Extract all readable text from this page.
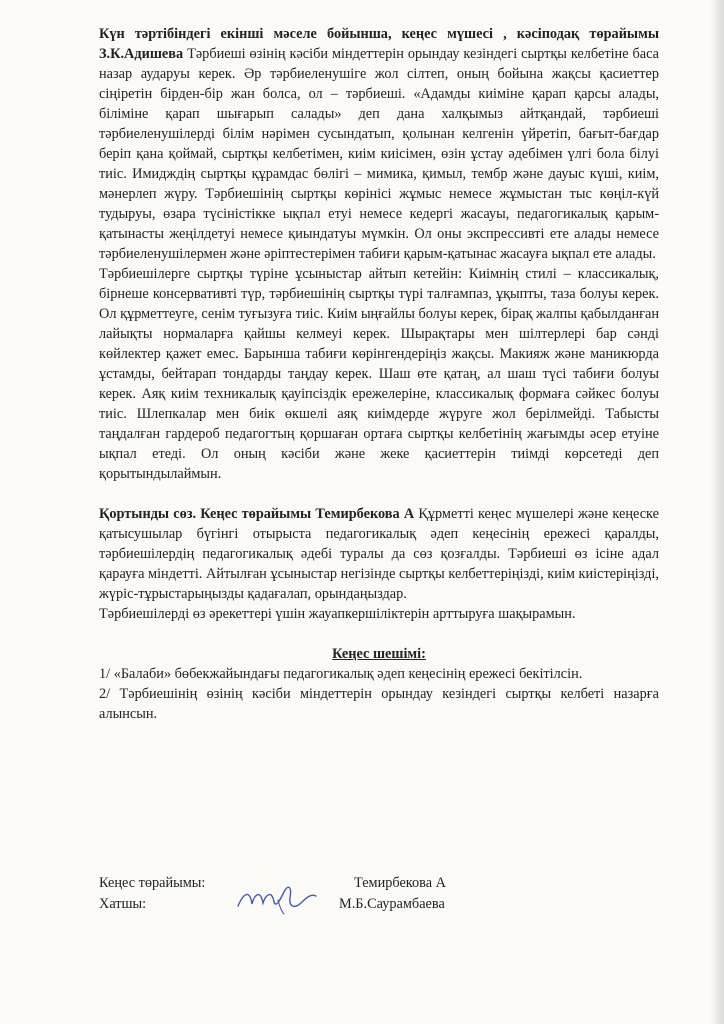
Күн тәртібіндегі екінші мәселе бойынша, кеңес мүшесі , кәсіподақ төрайымы З.К.Адишева Тәрбиеші өзінің кәсіби міндеттерін орындау кезіндегі сыртқы келбетіне баса назар аударуы керек. Әр тәрбиеленушіге жол сілтеп, оның бойына жақсы қасиеттер сіңіретін бірден-бір жан болса, ол – тәрбиеші. «Адамды киіміне қарап қарсы алады, біліміне қарап шығарып салады» деп дана халқымыз айтқандай, тәрбиеші тәрбиеленушілерді білім нәрімен сусындатып, қолынан келгенін үйретіп, бағыт-бағдар беріп қана қоймай, сыртқы келбетімен, киім киісімен, өзін ұстау әдебімен үлгі бола білуі тиіс. Имидждің сыртқы құрамдас бөлігі – мимика, қимыл, тембр және дауыс күші, киім, мәнерлеп жүру. Тәрбиешінің сыртқы көрінісі жұмыс немесе жұмыстан тыс көңіл-күй тудыруы, өзара түсіністікке ықпал етуі немесе кедергі жасауы, педагогикалық қарым-қатынасты жеңілдетуі немесе қиындатуы мүмкін. Ол оны экспрессивті ете алады немесе тәрбиеленушілермен және әріптестерімен табиғи қарым-қатынас жасауға ықпал ете алады.

Тәрбиешілерге сыртқы түріне ұсыныстар айтып кетейін: Киімнің стилі – классикалық, бірнеше консервативті түр, тәрбиешінің сыртқы түрі талғампаз, ұқыпты, таза болуы керек. Ол құрметтеуге, сенім туғызуға тиіс. Киім ыңғайлы болуы керек, бірақ жалпы қабылданған лайықты нормаларға қайшы келмеуі керек. Шырақтары мен шілтерлері бар сәнді көйлектер қажет емес. Барынша табиғи көрінгендеріңіз жақсы. Макияж және маникюрда ұстамды, бейтарап тондарды таңдау керек. Шаш өте қатаң, ал шаш түсі табиғи болуы керек. Аяқ киім техникалық қауіпсіздік ережелеріне, классикалық формаға сәйкес болуы тиіс. Шлепкалар мен биік өкшелі аяқ киімдерде жүруге жол берілмейді. Табысты таңдалған гардероб педагогтың қоршаған ортаға сыртқы келбетінің жағымды әсер етуіне ықпал етеді. Ол оның кәсіби және жеке қасиеттерін тиімді көрсетеді деп қорытындылаймын.

Қортынды сөз. Кеңес төрайымы Темирбекова А Құрметті кеңес мүшелері және кеңеске қатысушылар бүгінгі отырыста педагогикалық әдеп кеңесінің ережесі қаралды, тәрбиешілердің педагогикалық әдебі туралы да сөз қозғалды. Тәрбиеші өз ісіне адал қарауға міндетті. Айтылған ұсыныстар негізінде сыртқы келбеттеріңізді, киім киістеріңізді, жүріс-тұрыстарыңызды қадағалап, орындаңыздар.

Тәрбиешілерді өз әрекеттері үшін жауапкершіліктерін арттыруға шақырамын.

Кеңес шешімі:

1/ «Балаби» бөбекжайындағы педагогикалық әдеп кеңесінің ережесі бекітілсін.

2/ Тәрбиешінің өзінің кәсіби міндеттерін орындау кезіндегі сыртқы келбеті назарға алынсын.

Кеңес төрайымы:	Темирбекова А
Хатшы:	М.Б.Саурамбаева
